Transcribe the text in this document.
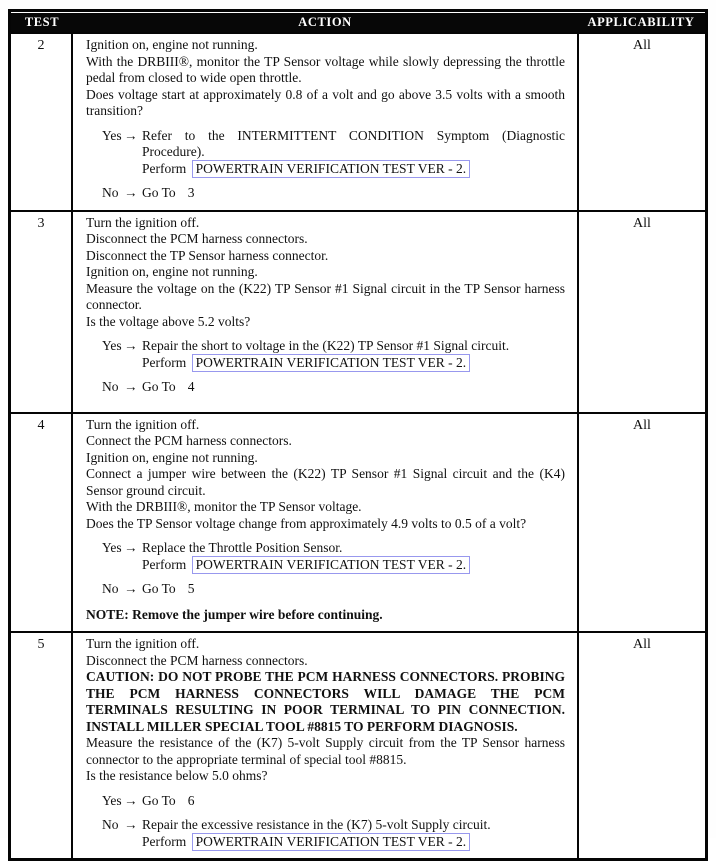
TEST	ACTION	APPLICABILITY
2	Ignition on, engine not running.

With the DRBIII®, monitor the TP Sensor voltage while slowly depressing the throttle pedal from closed to wide open throttle.

Does voltage start at approximately 0.8 of a volt and go above 3.5 volts with a smooth transition?

Yes → Refer to the INTERMITTENT CONDITION Symptom (Diagnostic Procedure).

Perform POWERTRAIN VERIFICATION TEST VER - 2.

No → Go To 3
All
3	Turn the ignition off.

Disconnect the PCM harness connectors.

Disconnect the TP Sensor harness connector.

Ignition on, engine not running.

Measure the voltage on the (K22) TP Sensor #1 Signal circuit in the TP Sensor harness connector.

Is the voltage above 5.2 volts?

Yes → Repair the short to voltage in the (K22) TP Sensor #1 Signal circuit.

Perform POWERTRAIN VERIFICATION TEST VER - 2.

No → Go To 4
All
4	Turn the ignition off.

Connect the PCM harness connectors.

Ignition on, engine not running.

Connect a jumper wire between the (K22) TP Sensor #1 Signal circuit and the (K4) Sensor ground circuit.

With the DRBIII®, monitor the TP Sensor voltage.

Does the TP Sensor voltage change from approximately 4.9 volts to 0.5 of a volt?

Yes → Replace the Throttle Position Sensor.

Perform POWERTRAIN VERIFICATION TEST VER - 2.

No → Go To 5

NOTE: Remove the jumper wire before continuing.

All
5	Turn the ignition off.

Disconnect the PCM harness connectors.

CAUTION: DO NOT PROBE THE PCM HARNESS CONNECTORS. PROBING THE PCM HARNESS CONNECTORS WILL DAMAGE THE PCM TERMINALS RESULTING IN POOR TERMINAL TO PIN CONNECTION. INSTALL MILLER SPECIAL TOOL #8815 TO PERFORM DIAGNOSIS.

Measure the resistance of the (K7) 5-volt Supply circuit from the TP Sensor harness connector to the appropriate terminal of special tool #8815.

Is the resistance below 5.0 ohms?

Yes → Go To 6
No → Repair the excessive resistance in the (K7) 5-volt Supply circuit.

Perform POWERTRAIN VERIFICATION TEST VER - 2.

All
